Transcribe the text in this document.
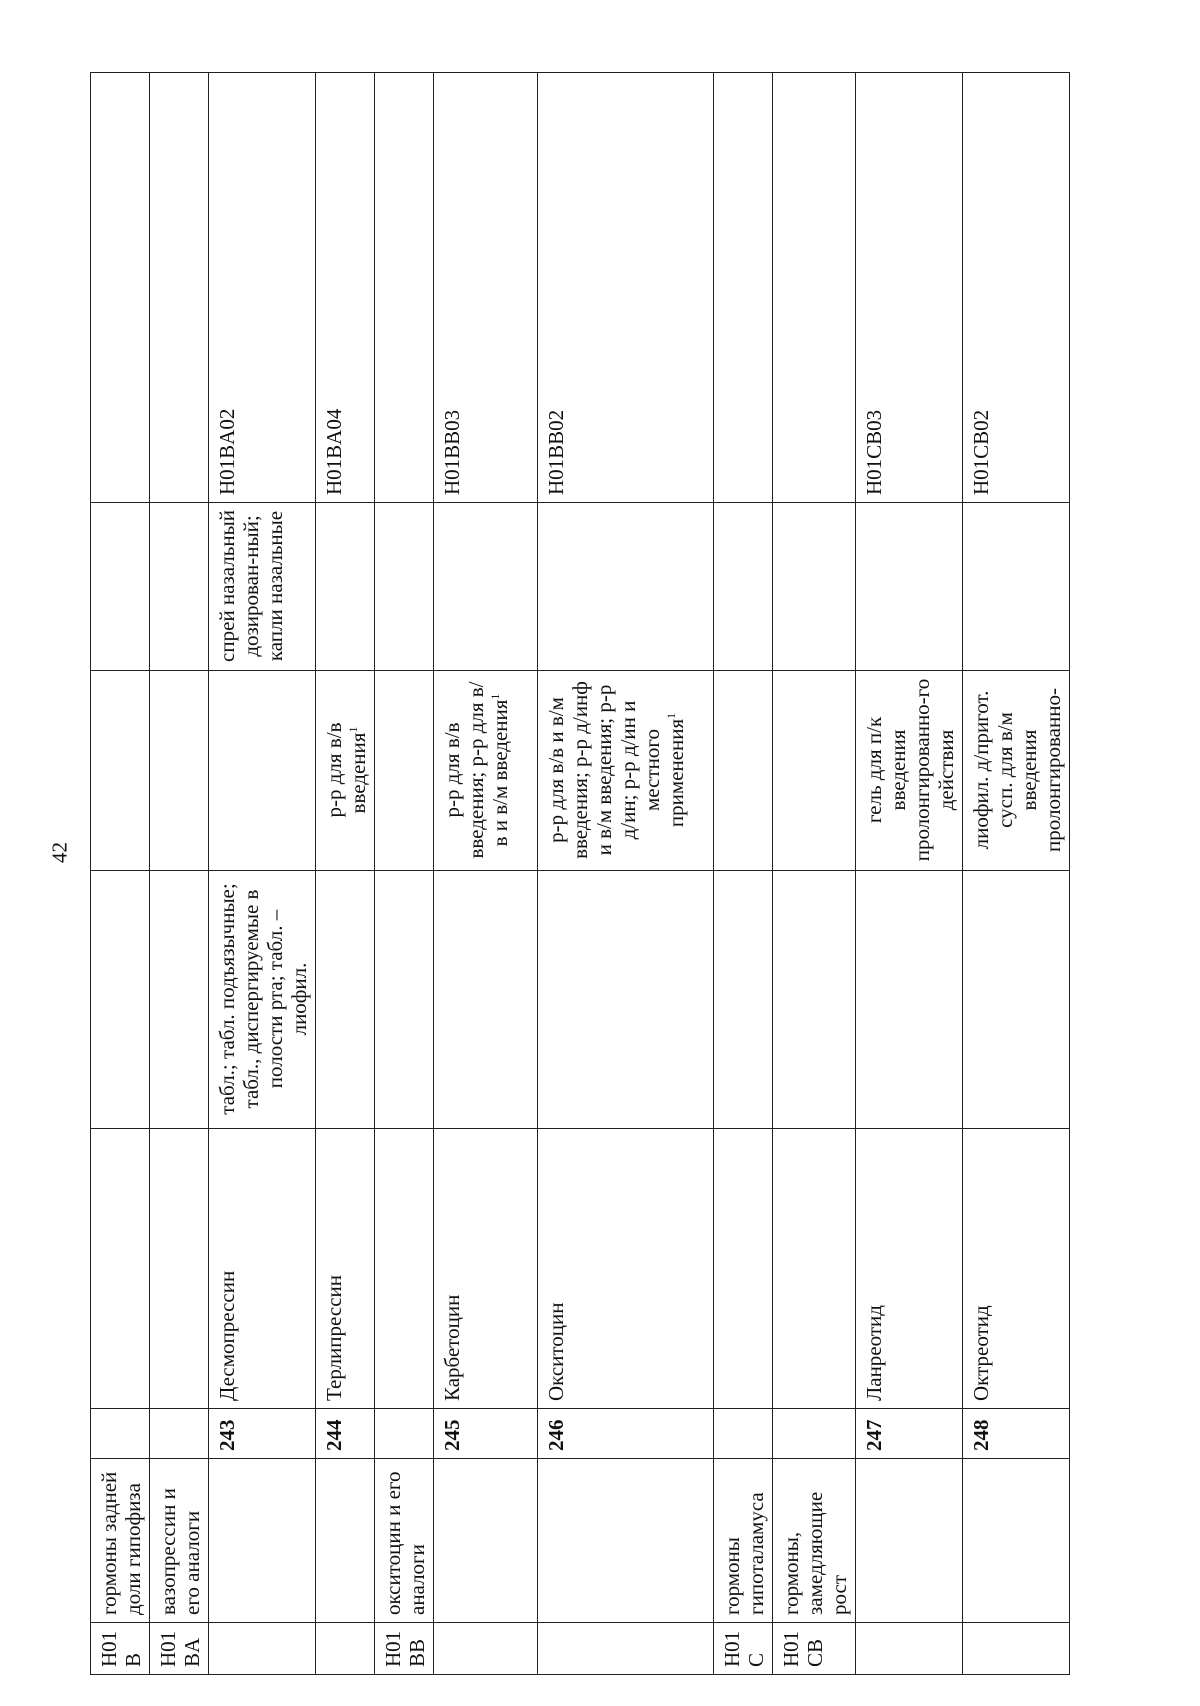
42
H01B	гормоны задней доли гипофиза						
H01BA	вазопрессин и его аналоги						
		243	Десмопрессин	табл.; табл. подъязычные; табл., диспергируемые в полости рта; табл. – лиофил.		спрей назальный дозирован-ный; капли назальные	H01BA02
		244	Терлипрессин		р-р для в/в введения$^1$		H01BA04
H01BB	окситоцин и его аналоги						
		245	Карбетоцин		р-р для в/в введения; р-р для в/в и в/м введения$^1$		H01BB03
		246	Окситоцин		р-р для в/в и в/м введения; р-р д/инф и в/м введения; р-р д/ин; р-р д/ин и местного применения$^1$		H01BB02
H01C	гормоны гипоталамуса						
H01CB	гормоны, замедляющие рост						
		247	Ланреотид		гель для п/к введения пролонгированно-го действия		H01CB03
		248	Октреотид		лиофил. д/пригот. сусп. для в/м введения пролонгированно-		H01CB02
